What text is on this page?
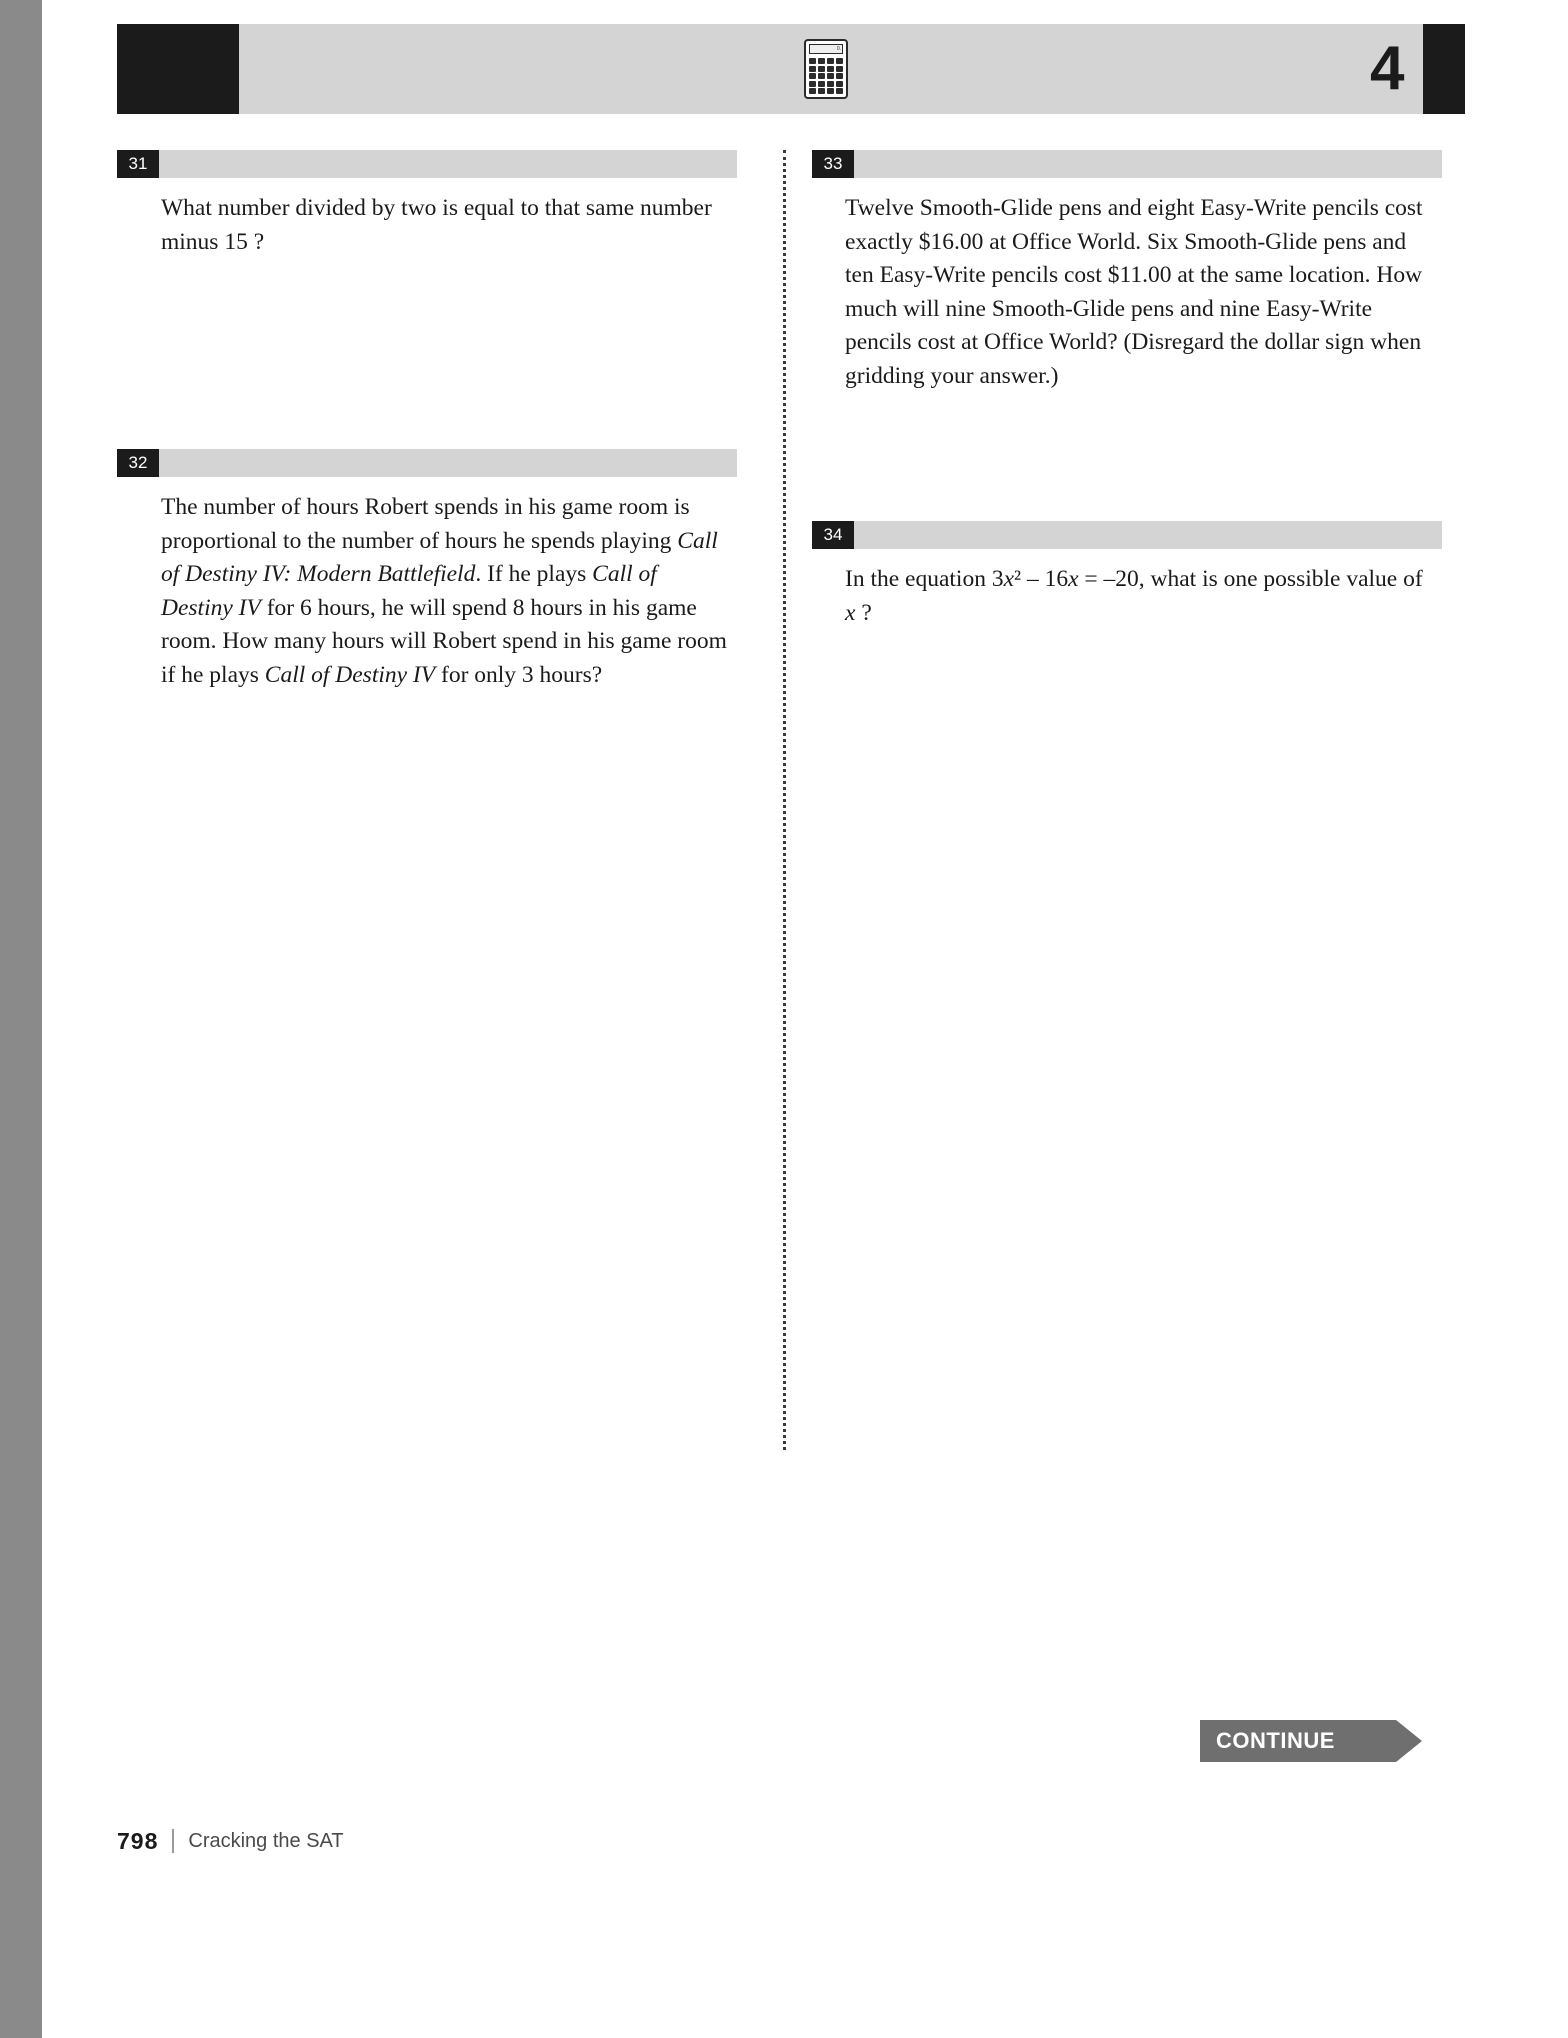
4	4
0.
31
What number divided by two is equal to that same number minus 15 ?
32
The number of hours Robert spends in his game room is proportional to the number of hours he spends playing Call of Destiny IV: Modern Battlefield. If he plays Call of Destiny IV for 6 hours, he will spend 8 hours in his game room. How many hours will Robert spend in his game room if he plays Call of Destiny IV for only 3 hours?
33
Twelve Smooth-Glide pens and eight Easy-Write pencils cost exactly $16.00 at Office World. Six Smooth-Glide pens and ten Easy-Write pencils cost $11.00 at the same location. How much will nine Smooth-Glide pens and nine Easy-Write pencils cost at Office World? (Disregard the dollar sign when gridding your answer.)
34
In the equation 3x² – 16x = –20, what is one possible value of x ?
CONTINUE
798 Cracking the SAT
